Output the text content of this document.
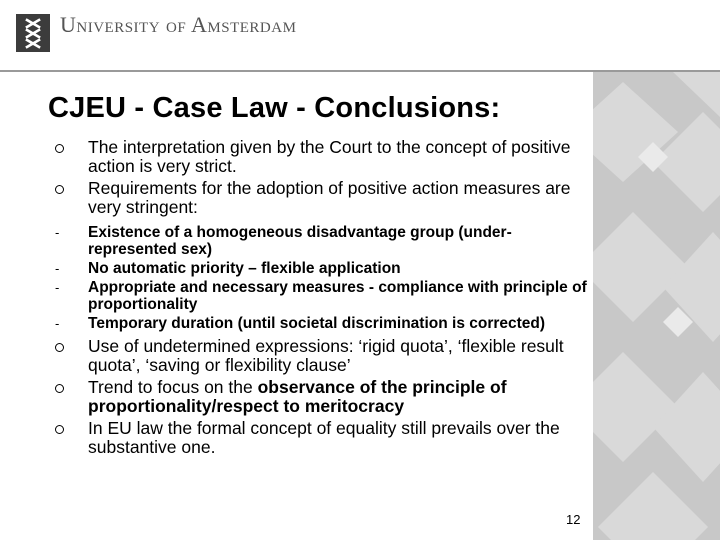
University of Amsterdam
CJEU - Case Law - Conclusions:
The interpretation given by the Court to the concept of positive action is very strict.
Requirements for the adoption of positive action measures are very stringent:
- Existence of a homogeneous disadvantage group (under-represented sex)
- No automatic priority – flexible application
- Appropriate and necessary measures - compliance with principle of proportionality
- Temporary duration (until societal discrimination is corrected)
Use of undetermined expressions: ‘rigid quota’, ‘flexible result quota’, ‘saving or flexibility clause’
Trend to focus on the observance of the principle of proportionality/respect to meritocracy
In EU law the formal concept of equality still prevails over the substantive one.
12
